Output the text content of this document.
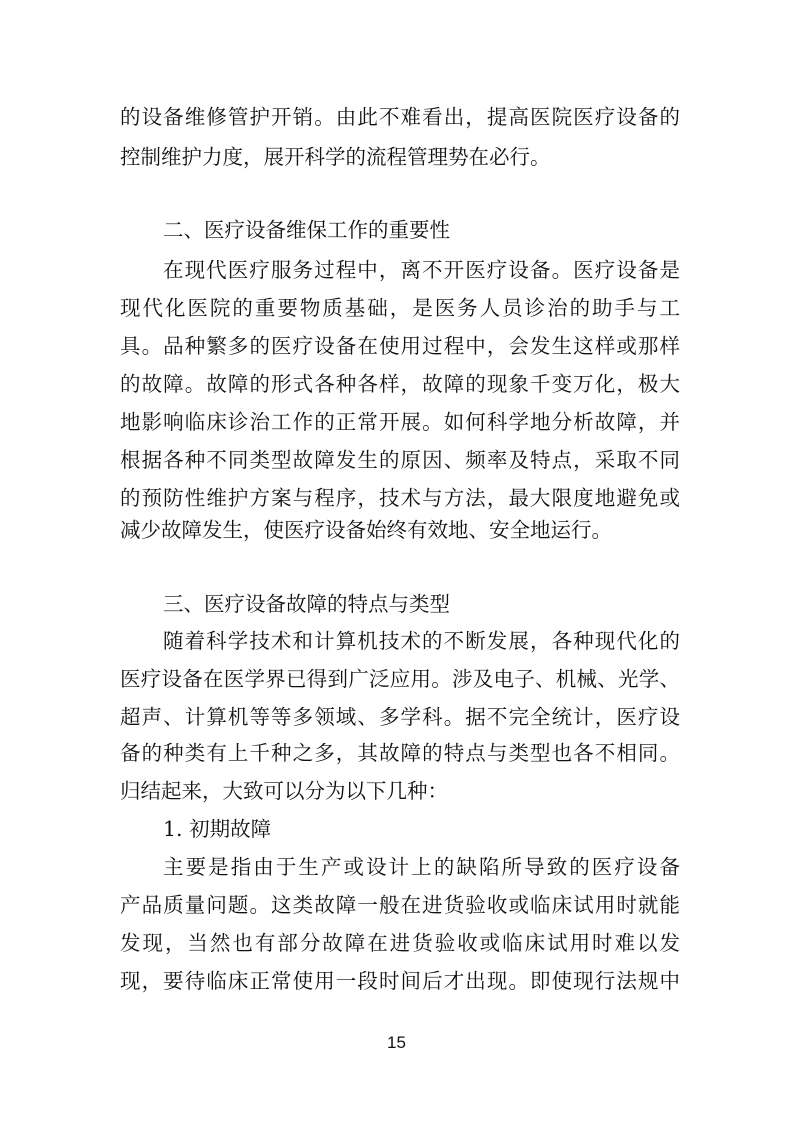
的设备维修管护开销。由此不难看出，提高医院医疗设备的
控制维护力度，展开科学的流程管理势在必行。
二、医疗设备维保工作的重要性
在现代医疗服务过程中，离不开医疗设备。医疗设备是
现代化医院的重要物质基础，是医务人员诊治的助手与工
具。品种繁多的医疗设备在使用过程中，会发生这样或那样
的故障。故障的形式各种各样，故障的现象千变万化，极大
地影响临床诊治工作的正常开展。如何科学地分析故障，并
根据各种不同类型故障发生的原因、频率及特点，采取不同
的预防性维护方案与程序，技术与方法，最大限度地避免或
减少故障发生，使医疗设备始终有效地、安全地运行。
三、医疗设备故障的特点与类型
随着科学技术和计算机技术的不断发展，各种现代化的
医疗设备在医学界已得到广泛应用。涉及电子、机械、光学、
超声、计算机等等多领域、多学科。据不完全统计，医疗设
备的种类有上千种之多，其故障的特点与类型也各不相同。
归结起来，大致可以分为以下几种：
1. 初期故障
主要是指由于生产或设计上的缺陷所导致的医疗设备
产品质量问题。这类故障一般在进货验收或临床试用时就能
发现，当然也有部分故障在进货验收或临床试用时难以发
现，要待临床正常使用一段时间后才出现。即使现行法规中
15
